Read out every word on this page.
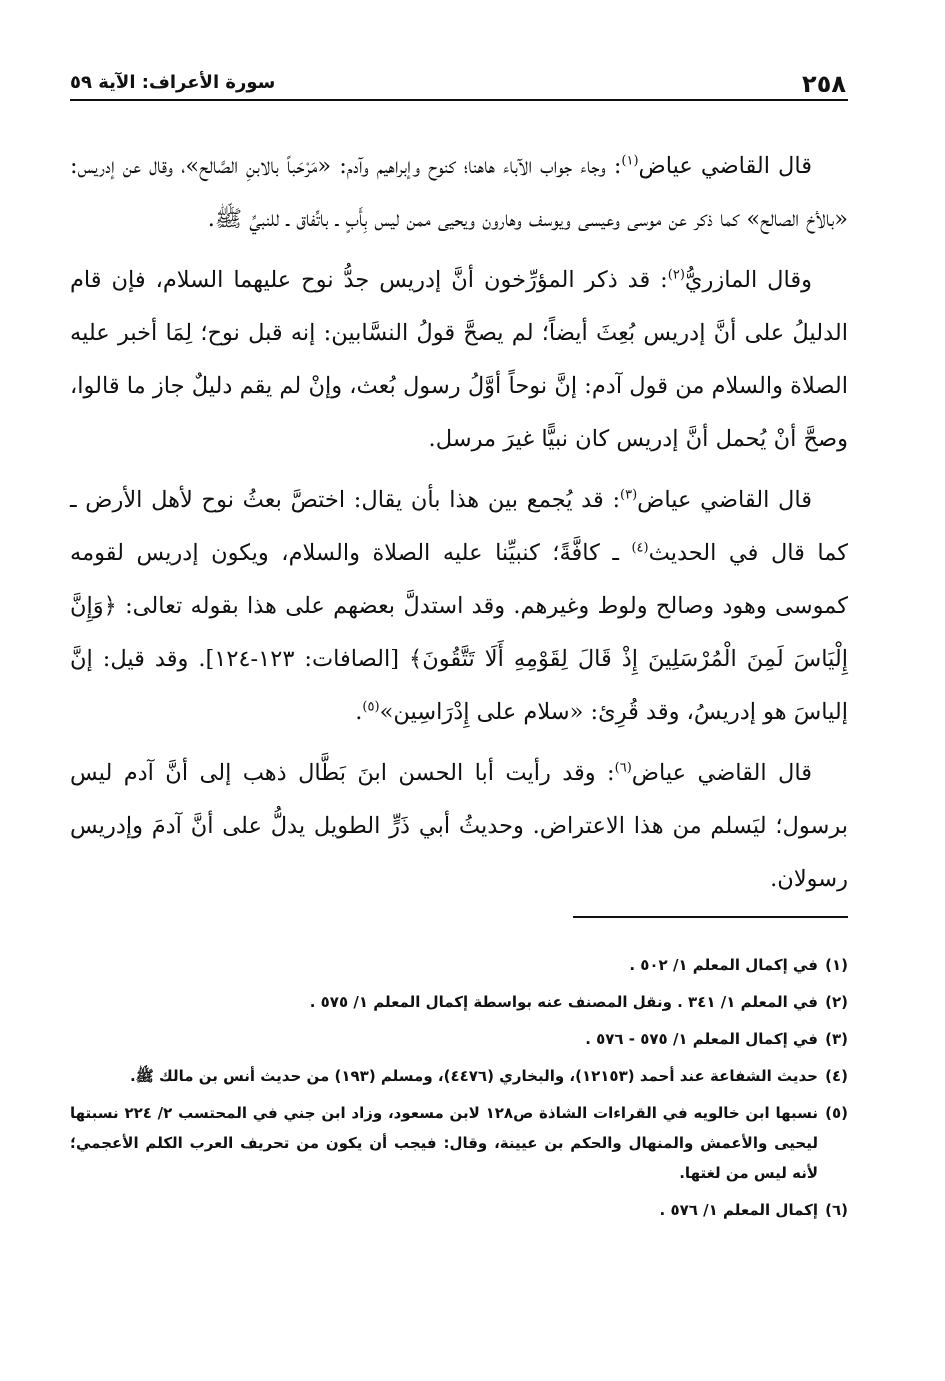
٢٥٨
سورة الأعراف: الآية ٥٩

قال القاضي عياض$^{(١)}$: وجاء جواب الآباء هاهنا؛ كنوح وإبراهيم وآدم: «مَرْحَباً بالابنِ الصَّالح»، وقال عن إدريس: «بالأخ الصالح» كما ذكر عن موسى وعيسى ويوسف وهارون ويحيى ممن ليس بِأَبٍ ـ باتِّفاق ـ للنبيِّ ﷺ.

وقال المازريُّ$^{(٢)}$: قد ذكر المؤرِّخون أنَّ إدريس جدُّ نوح عليهما السلام، فإن قام الدليلُ على أنَّ إدريس بُعِثَ أيضاً؛ لم يصحَّ قولُ النسَّابين: إنه قبل نوح؛ لِمَا أخبر عليه الصلاة والسلام من قول آدم: إنَّ نوحاً أوَّلُ رسول بُعث، وإنْ لم يقم دليلٌ جاز ما قالوا، وصحَّ أنْ يُحمل أنَّ إدريس كان نبيًّا غيرَ مرسل.

قال القاضي عياض$^{(٣)}$: قد يُجمع بين هذا بأن يقال: اختصَّ بعثُ نوح لأهل الأرض ـ كما قال في الحديث$^{(٤)}$ ـ كافَّةً؛ كنبيِّنا عليه الصلاة والسلام، ويكون إدريس لقومه كموسى وهود وصالح ولوط وغيرهم. وقد استدلَّ بعضهم على هذا بقوله تعالى: ﴿وَإِنَّ إِلْيَاسَ لَمِنَ الْمُرْسَلِينَ إِذْ قَالَ لِقَوْمِهِ أَلَا تَتَّقُونَ﴾ [الصافات: ١٢٣-١٢٤]. وقد قيل: إنَّ إلياسَ هو إدريسُ، وقد قُرِئ: «سلام على إِدْرَاسِين»$^{(٥)}$.

قال القاضي عياض$^{(٦)}$: وقد رأيت أبا الحسن ابنَ بَطَّال ذهب إلى أنَّ آدم ليس برسول؛ ليَسلم من هذا الاعتراض. وحديثُ أبي ذَرٍّ الطويل يدلُّ على أنَّ آدمَ وإدريس رسولان.

(١)
في إكمال المعلم ١/ ٥٠٢ .
(٢)
في المعلم ١/ ٣٤١ . ونقل المصنف عنه بواسطة إكمال المعلم ١/ ٥٧٥ .
(٣)
في إكمال المعلم ١/ ٥٧٥ - ٥٧٦ .
(٤)
حديث الشفاعة عند أحمد (١٢١٥٣)، والبخاري (٤٤٧٦)، ومسلم (١٩٣) من حديث أنس بن مالك ﷺ.
(٥)
نسبها ابن خالويه في القراءات الشاذة ص١٢٨ لابن مسعود، وزاد ابن جني في المحتسب ٢/ ٢٢٤ نسبتها ليحيى والأعمش والمنهال والحكم بن عيينة، وقال: فيجب أن يكون من تحريف العرب الكلم الأعجمي؛ لأنه ليس من لغتها.
(٦)
إكمال المعلم ١/ ٥٧٦ .
